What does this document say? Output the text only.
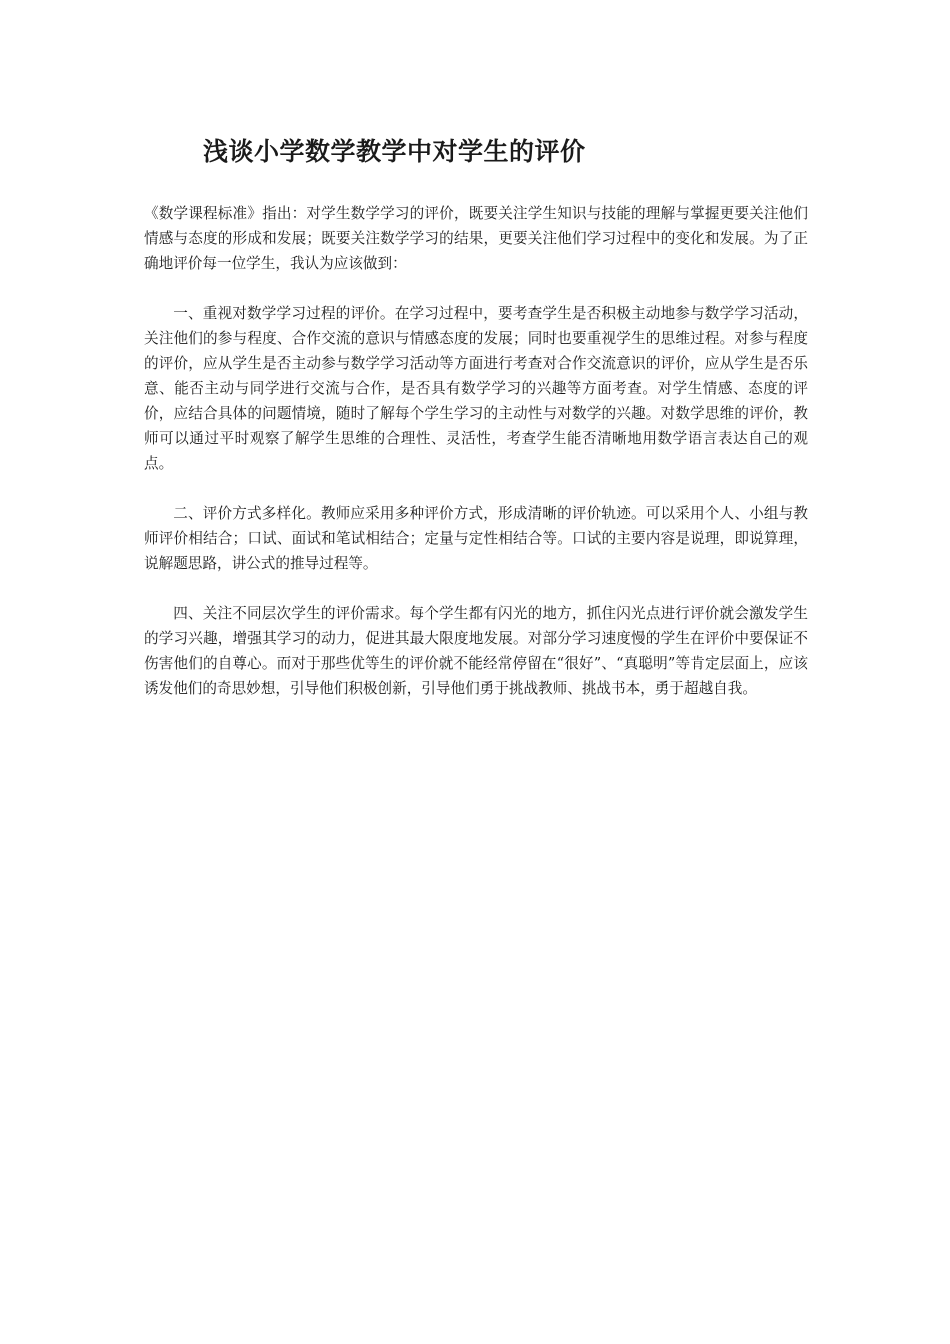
浅谈小学数学教学中对学生的评价

《数学课程标准》指出：对学生数学学习的评价，既要关注学生知识与技能的理解与掌握更要关注他们情感与态度的形成和发展；既要关注数学学习的结果，更要关注他们学习过程中的变化和发展。为了正确地评价每一位学生，我认为应该做到：

一、重视对数学学习过程的评价。在学习过程中，要考查学生是否积极主动地参与数学学习活动，关注他们的参与程度、合作交流的意识与情感态度的发展；同时也要重视学生的思维过程。对参与程度的评价，应从学生是否主动参与数学学习活动等方面进行考查对合作交流意识的评价，应从学生是否乐意、能否主动与同学进行交流与合作，是否具有数学学习的兴趣等方面考查。对学生情感、态度的评价，应结合具体的问题情境，随时了解每个学生学习的主动性与对数学的兴趣。对数学思维的评价，教师可以通过平时观察了解学生思维的合理性、灵活性，考查学生能否清晰地用数学语言表达自己的观点。

二、评价方式多样化。教师应采用多种评价方式，形成清晰的评价轨迹。可以采用个人、小组与教师评价相结合；口试、面试和笔试相结合；定量与定性相结合等。口试的主要内容是说理，即说算理，说解题思路，讲公式的推导过程等。

四、关注不同层次学生的评价需求。每个学生都有闪光的地方，抓住闪光点进行评价就会激发学生的学习兴趣，增强其学习的动力，促进其最大限度地发展。对部分学习速度慢的学生在评价中要保证不伤害他们的自尊心。而对于那些优等生的评价就不能经常停留在“很好”、“真聪明”等肯定层面上，应该诱发他们的奇思妙想，引导他们积极创新，引导他们勇于挑战教师、挑战书本，勇于超越自我。
